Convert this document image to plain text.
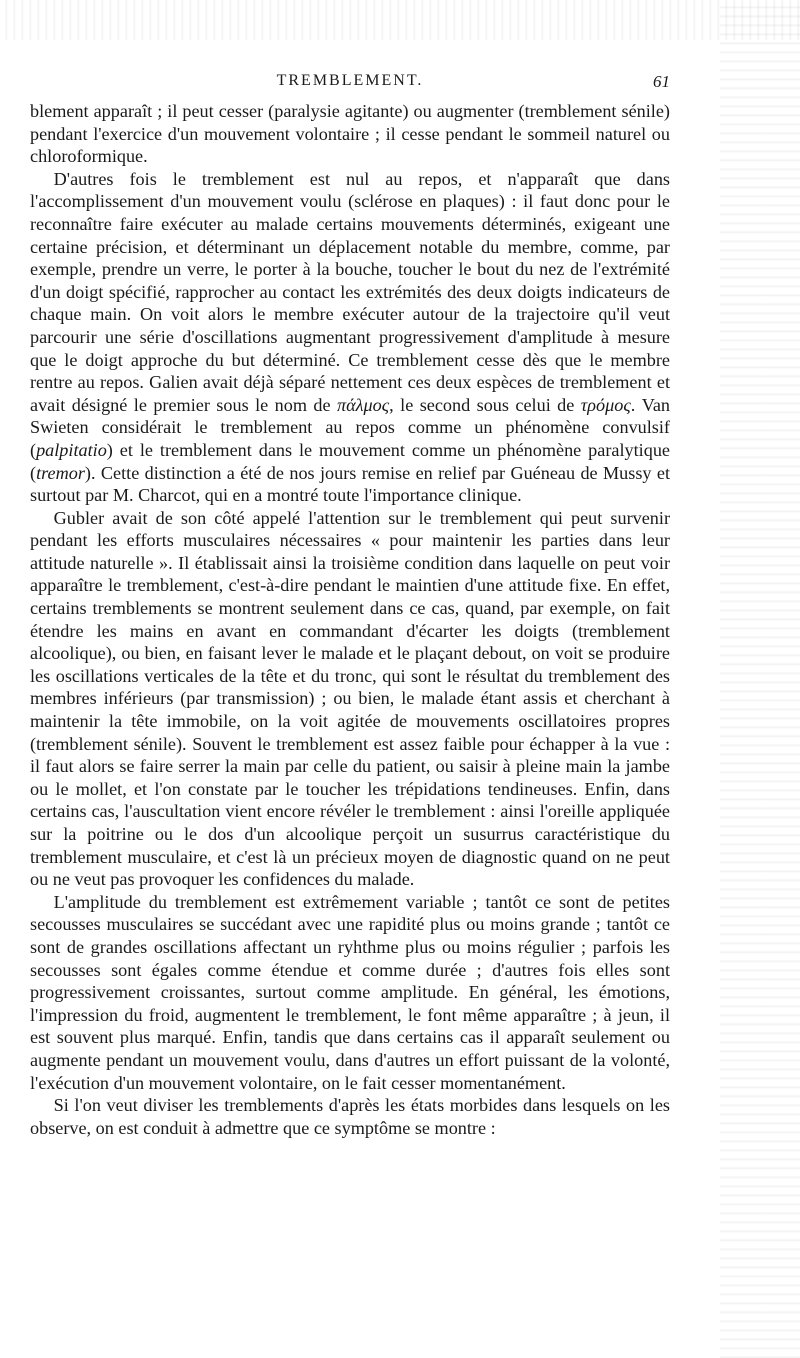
TREMBLEMENT.	61

blement apparaît ; il peut cesser (paralysie agitante) ou augmenter (tremblement sénile) pendant l'exercice d'un mouvement volontaire ; il cesse pendant le sommeil naturel ou chloroformique.

D'autres fois le tremblement est nul au repos, et n'apparaît que dans l'accomplissement d'un mouvement voulu (sclérose en plaques) : il faut donc pour le reconnaître faire exécuter au malade certains mouvements déterminés, exigeant une certaine précision, et déterminant un déplacement notable du membre, comme, par exemple, prendre un verre, le porter à la bouche, toucher le bout du nez de l'extrémité d'un doigt spécifié, rapprocher au contact les extrémités des deux doigts indicateurs de chaque main. On voit alors le membre exécuter autour de la trajectoire qu'il veut parcourir une série d'oscillations augmentant progressivement d'amplitude à mesure que le doigt approche du but déterminé. Ce tremblement cesse dès que le membre rentre au repos. Galien avait déjà séparé nettement ces deux espèces de tremblement et avait désigné le premier sous le nom de πάλμος, le second sous celui de τρόμος. Van Swieten considérait le tremblement au repos comme un phénomène convulsif (palpitatio) et le tremblement dans le mouvement comme un phénomène paralytique (tremor). Cette distinction a été de nos jours remise en relief par Guéneau de Mussy et surtout par M. Charcot, qui en a montré toute l'importance clinique.

Gubler avait de son côté appelé l'attention sur le tremblement qui peut survenir pendant les efforts musculaires nécessaires « pour maintenir les parties dans leur attitude naturelle ». Il établissait ainsi la troisième condition dans laquelle on peut voir apparaître le tremblement, c'est-à-dire pendant le maintien d'une attitude fixe. En effet, certains tremblements se montrent seulement dans ce cas, quand, par exemple, on fait étendre les mains en avant en commandant d'écarter les doigts (tremblement alcoolique), ou bien, en faisant lever le malade et le plaçant debout, on voit se produire les oscillations verticales de la tête et du tronc, qui sont le résultat du tremblement des membres inférieurs (par transmission) ; ou bien, le malade étant assis et cherchant à maintenir la tête immobile, on la voit agitée de mouvements oscillatoires propres (tremblement sénile). Souvent le tremblement est assez faible pour échapper à la vue : il faut alors se faire serrer la main par celle du patient, ou saisir à pleine main la jambe ou le mollet, et l'on constate par le toucher les trépidations tendineuses. Enfin, dans certains cas, l'auscultation vient encore révéler le tremblement : ainsi l'oreille appliquée sur la poitrine ou le dos d'un alcoolique perçoit un susurrus caractéristique du tremblement musculaire, et c'est là un précieux moyen de diagnostic quand on ne peut ou ne veut pas provoquer les confidences du malade.

L'amplitude du tremblement est extrêmement variable ; tantôt ce sont de petites secousses musculaires se succédant avec une rapidité plus ou moins grande ; tantôt ce sont de grandes oscillations affectant un ryhthme plus ou moins régulier ; parfois les secousses sont égales comme étendue et comme durée ; d'autres fois elles sont progressivement croissantes, surtout comme amplitude. En général, les émotions, l'impression du froid, augmentent le tremblement, le font même apparaître ; à jeun, il est souvent plus marqué. Enfin, tandis que dans certains cas il apparaît seulement ou augmente pendant un mouvement voulu, dans d'autres un effort puissant de la volonté, l'exécution d'un mouvement volontaire, on le fait cesser momentanément.

Si l'on veut diviser les tremblements d'après les états morbides dans lesquels on les observe, on est conduit à admettre que ce symptôme se montre :
